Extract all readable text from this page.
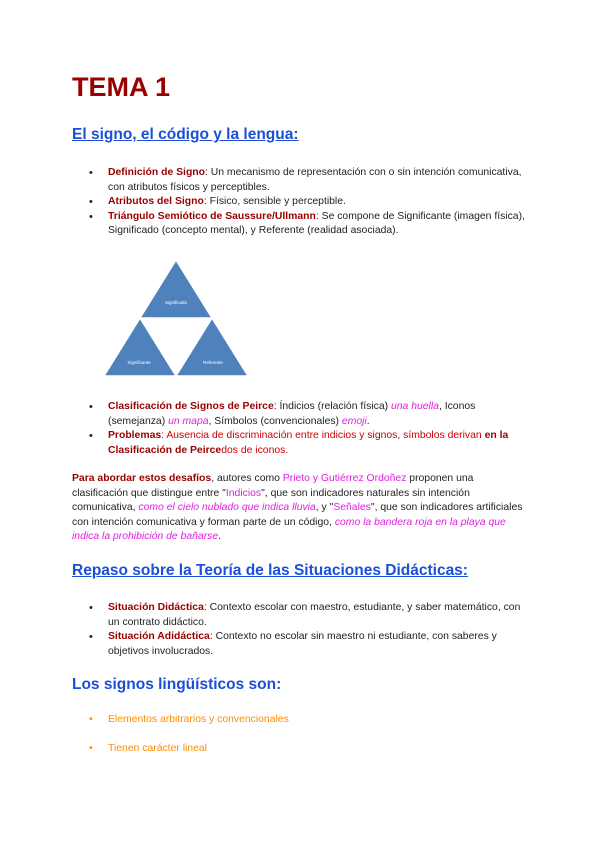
TEMA 1
El signo, el código y la lengua:
• Definición de Signo: Un mecanismo de representación con o sin intención comunicativa, con atributos físicos y perceptibles.
• Atributos del Signo: Físico, sensible y perceptible.
• Triángulo Semiótico de Saussure/Ullmann: Se compone de Significante (imagen física), Significado (concepto mental), y Referente (realidad asociada).
Significado
Significante	Referente
• Clasificación de Signos de Peirce: Índicios (relación física) una huella, Iconos (semejanza) un mapa, Símbolos (convencionales) emoji.
• Problemas: Ausencia de discriminación entre indicios y signos, símbolos derivan en la Clasificación de Peircedos de iconos.

Para abordar estos desafíos, autores como Prieto y Gutiérrez Ordoñez proponen una clasificación que distingue entre "Indicios", que son indicadores naturales sin intención comunicativa, como el cielo nublado que indica lluvia, y "Señales", que son indicadores artificiales con intención comunicativa y forman parte de un código, como la bandera roja en la playa que indica la prohibición de bañarse.

Repaso sobre la Teoría de las Situaciones Didácticas:
• Situación Didáctica: Contexto escolar con maestro, estudiante, y saber matemático, con un contrato didáctico.
• Situación Adidáctica: Contexto no escolar sin maestro ni estudiante, con saberes y objetivos involucrados.
Los signos lingüísticos son:
• Elementos arbitrarios y convencionales
• Tienen carácter lineal
